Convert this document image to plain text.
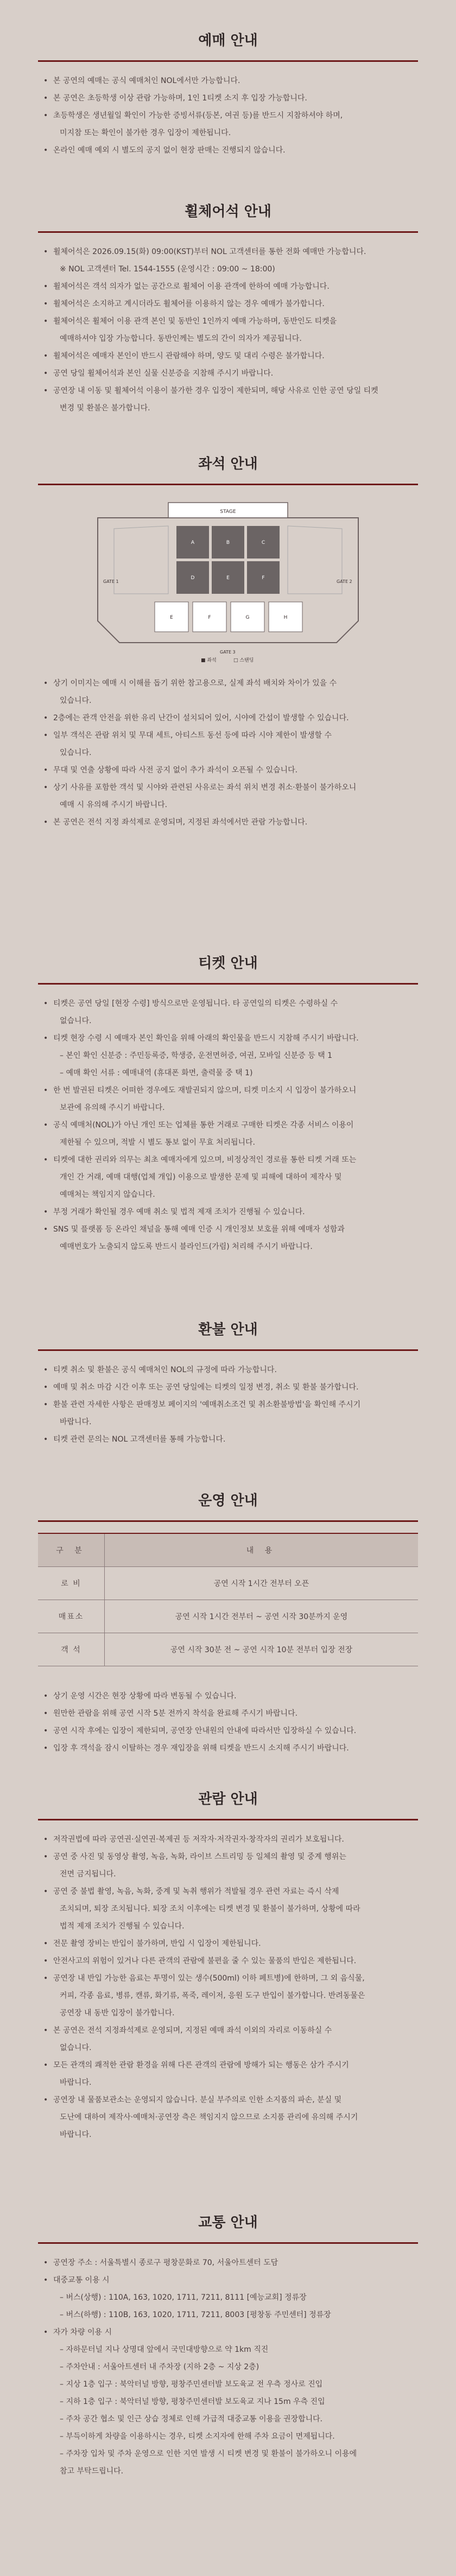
예매 안내
• 본 공연의 예매는 공식 예매처인 NOL에서만 가능합니다.
• 본 공연은 초등학생 이상 관람 가능하며, 1인 1티켓 소지 후 입장 가능합니다.
• 초등학생은 생년월일 확인이 가능한 증빙서류(등본, 여권 등)를 반드시 지참하셔야 하며,
미지참 또는 확인이 불가한 경우 입장이 제한됩니다.
• 온라인 예매 예외 시 별도의 공지 없이 현장 판매는 진행되지 않습니다.
휠체어석 안내
• 휠체어석은 2026.09.15(화) 09:00(KST)부터 NOL 고객센터를 통한 전화 예매만 가능합니다.
※ NOL 고객센터 Tel. 1544-1555 (운영시간 : 09:00 ~ 18:00)
• 휠체어석은 객석 의자가 없는 공간으로 휠체어 이용 관객에 한하여 예매 가능합니다.
• 휠체어석은 소지하고 계시더라도 휠체어를 이용하지 않는 경우 예매가 불가합니다.
• 휠체어석은 휠체어 이용 관객 본인 및 동반인 1인까지 예매 가능하며, 동반인도 티켓을
예매하셔야 입장 가능합니다. 동반인께는 별도의 간이 의자가 제공됩니다.
• 휠체어석은 예매자 본인이 반드시 관람해야 하며, 양도 및 대리 수령은 불가합니다.
• 공연 당일 휠체어석과 본인 실물 신분증을 지참해 주시기 바랍니다.
• 공연장 내 이동 및 휠체어석 이용이 불가한 경우 입장이 제한되며, 해당 사유로 인한 공연 당일 티켓
변경 및 환불은 불가합니다.
좌석 안내
STAGE
A	B	C
D	E	F
E	F	G	H
GATE 1	GATE 2
GATE 3
■ 좌석	□ 스탠딩
• 상기 이미지는 예매 시 이해를 돕기 위한 참고용으로, 실제 좌석 배치와 차이가 있을 수
있습니다.
• 2층에는 관객 안전을 위한 유리 난간이 설치되어 있어, 시야에 간섭이 발생할 수 있습니다.
• 일부 객석은 관람 위치 및 무대 세트, 아티스트 동선 등에 따라 시야 제한이 발생할 수
있습니다.
• 무대 및 연출 상황에 따라 사전 공지 없이 추가 좌석이 오픈될 수 있습니다.
• 상기 사유를 포함한 객석 및 시야와 관련된 사유로는 좌석 위치 변경 취소·환불이 불가하오니
예매 시 유의해 주시기 바랍니다.
• 본 공연은 전석 지정 좌석제로 운영되며, 지정된 좌석에서만 관람 가능합니다.
티켓 안내
• 티켓은 공연 당일 [현장 수령] 방식으로만 운영됩니다. 타 공연일의 티켓은 수령하실 수
없습니다.
• 티켓 현장 수령 시 예매자 본인 확인을 위해 아래의 확인물을 반드시 지참해 주시기 바랍니다.
– 본인 확인 신분증 : 주민등록증, 학생증, 운전면허증, 여권, 모바일 신분증 등 택 1
– 예매 확인 서류 : 예매내역 (휴대폰 화면, 출력물 중 택 1)
• 한 번 발권된 티켓은 어떠한 경우에도 재발권되지 않으며, 티켓 미소지 시 입장이 불가하오니
보관에 유의해 주시기 바랍니다.
• 공식 예매처(NOL)가 아닌 개인 또는 업체를 통한 거래로 구매한 티켓은 각종 서비스 이용이
제한될 수 있으며, 적발 시 별도 통보 없이 무효 처리됩니다.
• 티켓에 대한 권리와 의무는 최초 예매자에게 있으며, 비정상적인 경로를 통한 티켓 거래 또는
개인 간 거래, 예매 대행(업체 개입) 이용으로 발생한 문제 및 피해에 대하여 제작사 및
예매처는 책임지지 않습니다.
• 부정 거래가 확인될 경우 예매 취소 및 법적 제재 조치가 진행될 수 있습니다.
• SNS 및 플랫폼 등 온라인 채널을 통해 예매 인증 시 개인정보 보호를 위해 예매자 성함과
예매번호가 노출되지 않도록 반드시 블라인드(가림) 처리해 주시기 바랍니다.
환불 안내
• 티켓 취소 및 환불은 공식 예매처인 NOL의 규정에 따라 가능합니다.
• 예매 및 취소 마감 시간 이후 또는 공연 당일에는 티켓의 일정 변경, 취소 및 환불 불가합니다.
• 환불 관련 자세한 사항은 판매정보 페이지의 '예매취소조건 및 취소환불방법'을 확인해 주시기
바랍니다.
• 티켓 관련 문의는 NOL 고객센터를 통해 가능합니다.
운영 안내
구 분	내 용
로 비	공연 시작 1시간 전부터 오픈
매표소	공연 시작 1시간 전부터 ~ 공연 시작 30분까지 운영
객 석	공연 시작 30분 전 ~ 공연 시작 10분 전부터 입장 전장
• 상기 운영 시간은 현장 상황에 따라 변동될 수 있습니다.
• 원만한 관람을 위해 공연 시작 5분 전까지 착석을 완료해 주시기 바랍니다.
• 공연 시작 후에는 입장이 제한되며, 공연장 안내원의 안내에 따라서만 입장하실 수 있습니다.
• 입장 후 객석을 잠시 이탈하는 경우 재입장을 위해 티켓을 반드시 소지해 주시기 바랍니다.
관람 안내
• 저작권법에 따라 공연권·실연권·복제권 등 저작자·저작권자·창작자의 권리가 보호됩니다.
• 공연 중 사진 및 동영상 촬영, 녹음, 녹화, 라이브 스트리밍 등 일체의 촬영 및 중계 행위는
전면 금지됩니다.
• 공연 중 불법 촬영, 녹음, 녹화, 중계 및 녹취 행위가 적발될 경우 관련 자료는 즉시 삭제
조치되며, 퇴장 조치됩니다. 퇴장 조치 이후에는 티켓 변경 및 환불이 불가하며, 상황에 따라
법적 제재 조치가 진행될 수 있습니다.
• 전문 촬영 장비는 반입이 불가하며, 반입 시 입장이 제한됩니다.
• 안전사고의 위험이 있거나 다른 관객의 관람에 불편을 줄 수 있는 물품의 반입은 제한됩니다.
• 공연장 내 반입 가능한 음료는 투명이 있는 생수(500ml) 이하 페트병)에 한하며, 그 외 음식물,
커피, 각종 음료, 병류, 캔류, 화기류, 폭죽, 레이저, 응원 도구 반입이 불가합니다. 반려동물은
공연장 내 동반 입장이 불가합니다.
• 본 공연은 전석 지정좌석제로 운영되며, 지정된 예매 좌석 이외의 자리로 이동하실 수
없습니다.
• 모든 관객의 쾌적한 관람 환경을 위해 다른 관객의 관람에 방해가 되는 행동은 삼가 주시기
바랍니다.
• 공연장 내 물품보관소는 운영되지 않습니다. 분실 부주의로 인한 소지품의 파손, 분실 및
도난에 대하여 제작사·예매처·공연장 측은 책임지지 않으므로 소지품 관리에 유의해 주시기
바랍니다.
교통 안내
• 공연장 주소 : 서울특별시 종로구 평창문화로 70, 서울아트센터 도담
• 대중교통 이용 시
– 버스(상행) : 110A, 163, 1020, 1711, 7211, 8111 [예능교회] 정류장
– 버스(하행) : 110B, 163, 1020, 1711, 7211, 8003 [평창동 주민센터] 정류장
• 자가 차량 이용 시
– 자하문터널 지나 상명대 앞에서 국민대방향으로 약 1km 직진
– 주차안내 : 서울아트센터 내 주차장 (지하 2층 ~ 지상 2층)
– 지상 1층 입구 : 북악터널 방향, 평창주민센터발 보도육교 전 우측 정사로 진입
– 지하 1층 입구 : 북악터널 방향, 평창주민센터발 보도육교 지나 15m 우측 진입
– 주차 공간 협소 및 인근 상습 정체로 인해 가급적 대중교통 이용을 권장합니다.
– 부득이하게 차량을 이용하시는 경우, 티켓 소지자에 한해 주차 요금이 면제됩니다.
– 주차장 입차 및 주차 운영으로 인한 지연 발생 시 티켓 변경 및 환불이 불가하오니 이용에
참고 부탁드립니다.
